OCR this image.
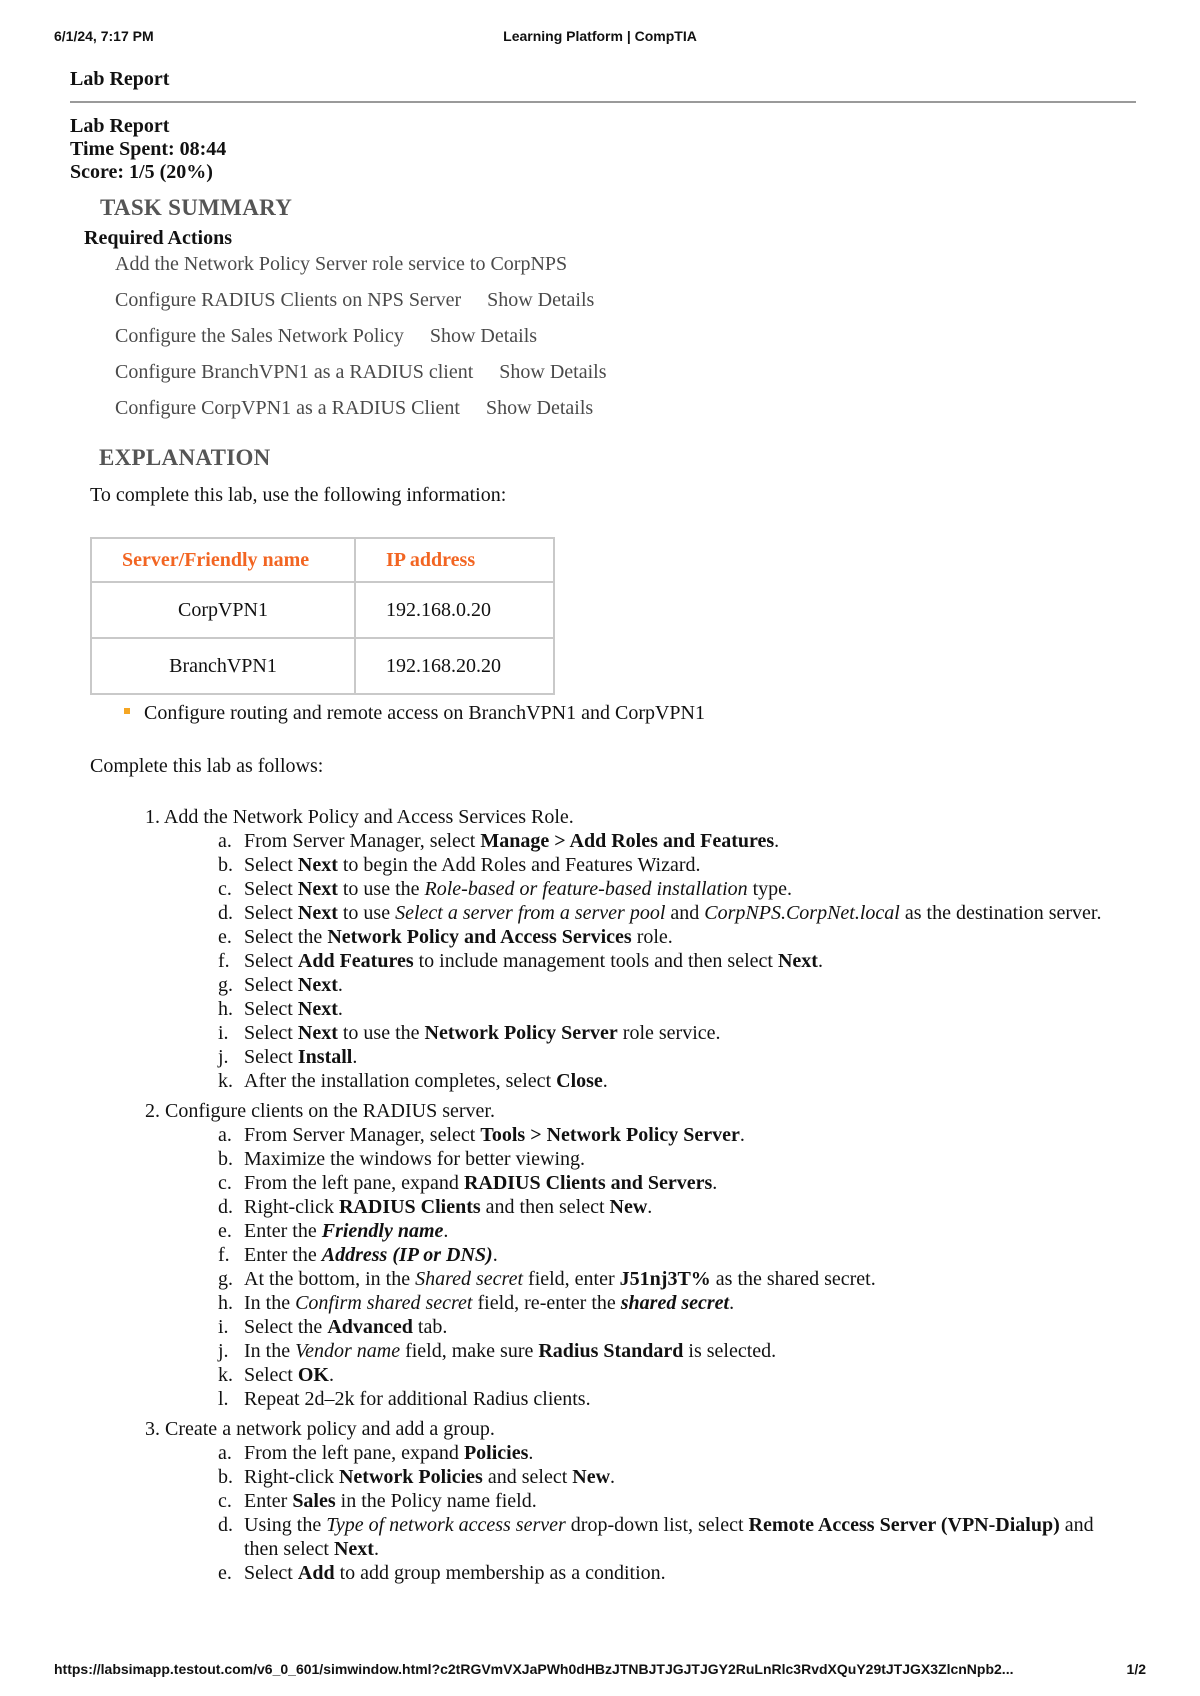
6/1/24, 7:17 PM	Learning Platform | CompTIA
Lab Report
Lab Report
Time Spent: 08:44
Score: 1/5 (20%)
TASK SUMMARY
Required Actions
Add the Network Policy Server role service to CorpNPS
Configure RADIUS Clients on NPS Server Show Details
Configure the Sales Network Policy Show Details
Configure BranchVPN1 as a RADIUS client Show Details
Configure CorpVPN1 as a RADIUS Client Show Details
EXPLANATION
To complete this lab, use the following information:
Server/Friendly name	IP address
CorpVPN1	192.168.0.20
BranchVPN1	192.168.20.20
Configure routing and remote access on BranchVPN1 and CorpVPN1
Complete this lab as follows:
1. Add the Network Policy and Access Services Role.
a. From Server Manager, select Manage > Add Roles and Features.
b. Select Next to begin the Add Roles and Features Wizard.
c. Select Next to use the Role-based or feature-based installation type.
d. Select Next to use Select a server from a server pool and CorpNPS.CorpNet.local as the destination server.
e. Select the Network Policy and Access Services role.
f. Select Add Features to include management tools and then select Next.
g. Select Next.
h. Select Next.
i. Select Next to use the Network Policy Server role service.
j. Select Install.
k. After the installation completes, select Close.
2. Configure clients on the RADIUS server.
a. From Server Manager, select Tools > Network Policy Server.
b. Maximize the windows for better viewing.
c. From the left pane, expand RADIUS Clients and Servers.
d. Right-click RADIUS Clients and then select New.
e. Enter the Friendly name.
f. Enter the Address (IP or DNS).
g. At the bottom, in the Shared secret field, enter J51nj3T% as the shared secret.
h. In the Confirm shared secret field, re-enter the shared secret.
i. Select the Advanced tab.
j. In the Vendor name field, make sure Radius Standard is selected.
k. Select OK.
l. Repeat 2d–2k for additional Radius clients.
3. Create a network policy and add a group.
a. From the left pane, expand Policies.
b. Right-click Network Policies and select New.
c. Enter Sales in the Policy name field.
d. Using the Type of network access server drop-down list, select Remote Access Server (VPN-Dialup) and then select Next.
e. Select Add to add group membership as a condition.
https://labsimapp.testout.com/v6_0_601/simwindow.html?c2tRGVmVXJaPWh0dHBzJTNBJTJGJTJGY2RuLnRlc3RvdXQuY29tJTJGX3ZlcnNpb2...	1/2
